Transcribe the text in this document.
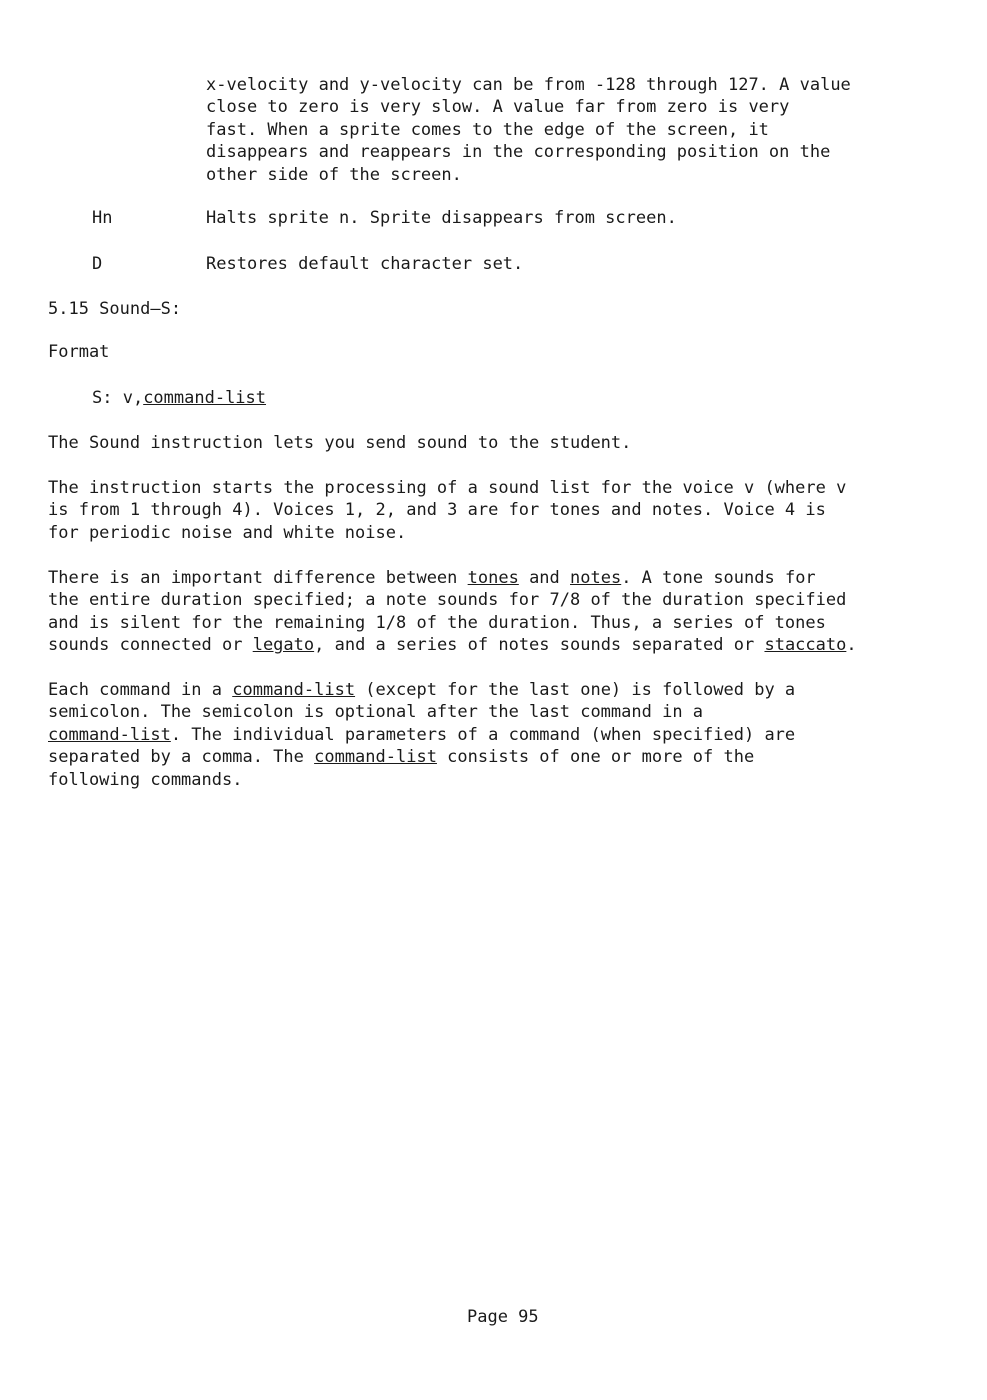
x-velocity and y-velocity can be from -128 through 127. A value
close to zero is very slow. A value far from zero is very
fast. When a sprite comes to the edge of the screen, it
disappears and reappears in the corresponding position on the
other side of the screen.
Hn	Halts sprite n. Sprite disappears from screen.
D	Restores default character set.
5.15 Sound—S:
Format
S: v,command-list
The Sound instruction lets you send sound to the student.
The instruction starts the processing of a sound list for the voice v (where v
is from 1 through 4). Voices 1, 2, and 3 are for tones and notes. Voice 4 is
for periodic noise and white noise.
There is an important difference between tones and notes. A tone sounds for
the entire duration specified; a note sounds for 7/8 of the duration specified
and is silent for the remaining 1/8 of the duration. Thus, a series of tones
sounds connected or legato, and a series of notes sounds separated or staccato.
Each command in a command-list (except for the last one) is followed by a
semicolon. The semicolon is optional after the last command in a
command-list. The individual parameters of a command (when specified) are
separated by a comma. The command-list consists of one or more of the
following commands.
Page 95
